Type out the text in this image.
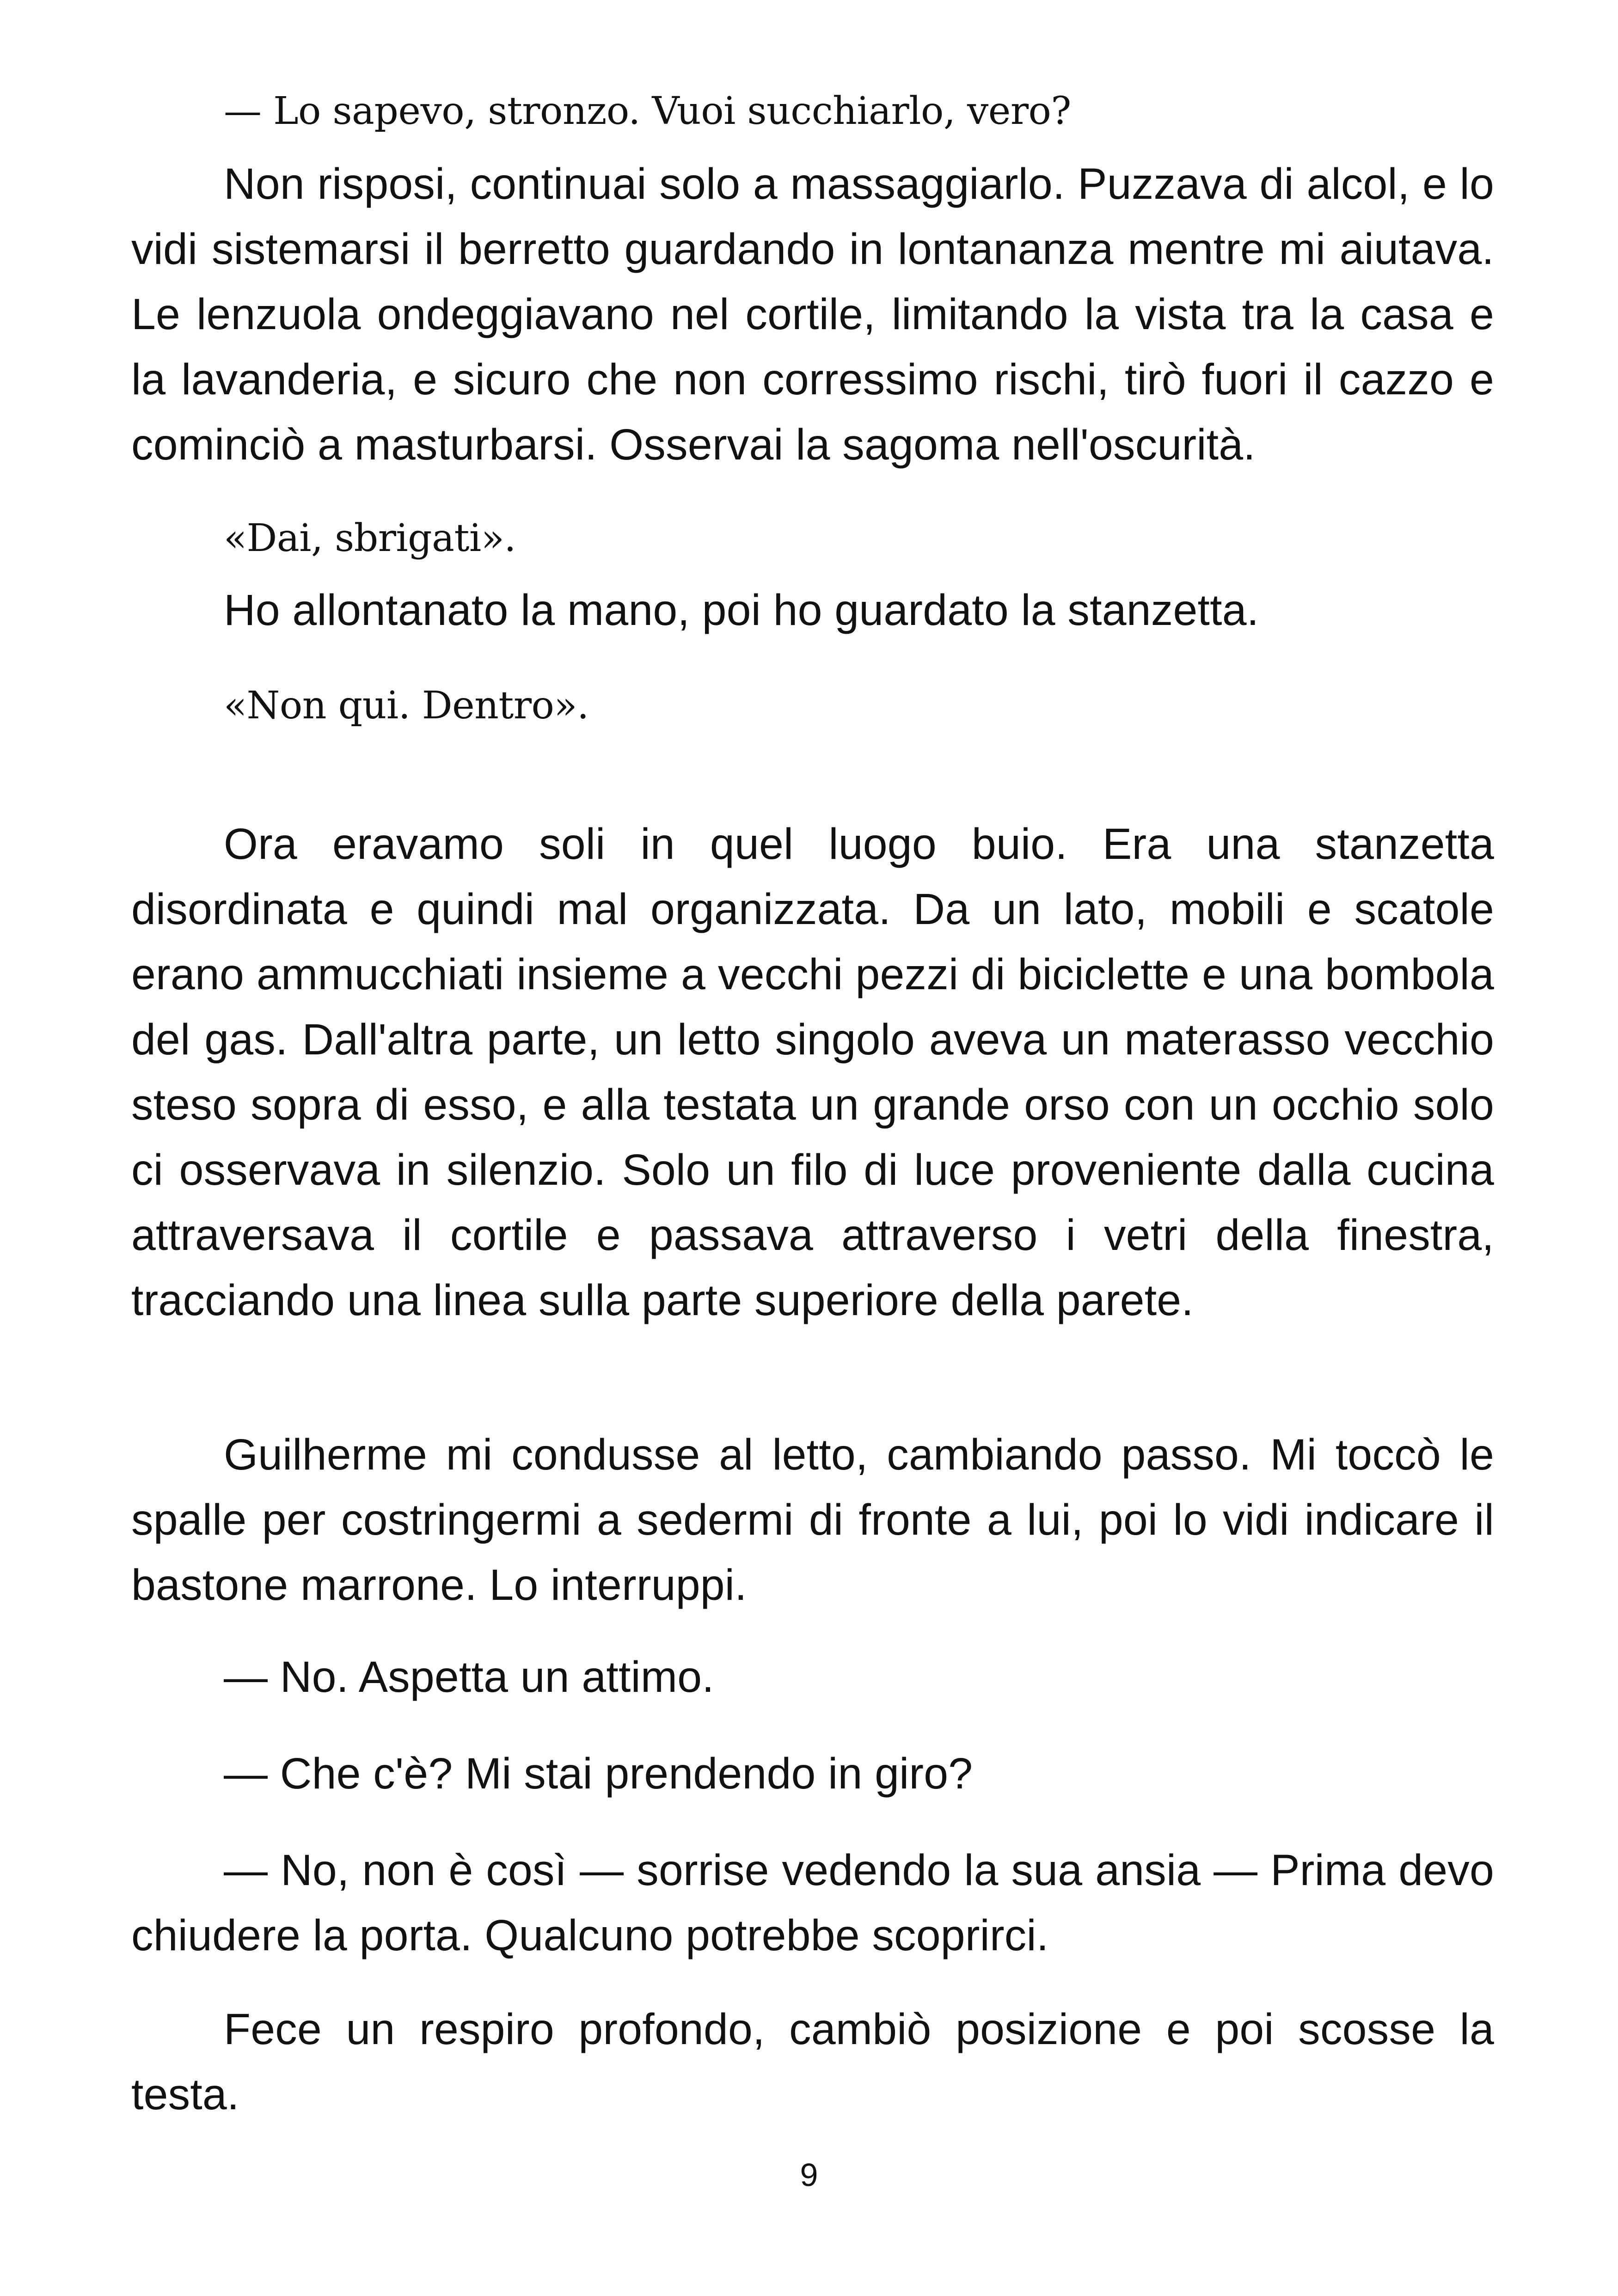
— Lo sapevo, stronzo. Vuoi succhiarlo, vero?

Non risposi, continuai solo a massaggiarlo. Puzzava di alcol, e lo vidi sistemarsi il berretto guardando in lontananza mentre mi aiutava. Le lenzuola ondeggiavano nel cortile, limitando la vista tra la casa e la lavanderia, e sicuro che non corressimo rischi, tirò fuori il cazzo e cominciò a masturbarsi. Osservai la sagoma nell'oscurità.

«Dai, sbrigati».

Ho allontanato la mano, poi ho guardato la stanzetta.

«Non qui. Dentro».

Ora eravamo soli in quel luogo buio. Era una stanzetta disordinata e quindi mal organizzata. Da un lato, mobili e scatole erano ammucchiati insieme a vecchi pezzi di biciclette e una bombola del gas. Dall'altra parte, un letto singolo aveva un materasso vecchio steso sopra di esso, e alla testata un grande orso con un occhio solo ci osservava in silenzio. Solo un filo di luce proveniente dalla cucina attraversava il cortile e passava attraverso i vetri della finestra, tracciando una linea sulla parte superiore della parete.

Guilherme mi condusse al letto, cambiando passo. Mi toccò le spalle per costringermi a sedermi di fronte a lui, poi lo vidi indicare il bastone marrone. Lo interruppi.

— No. Aspetta un attimo.

— Che c'è? Mi stai prendendo in giro?

— No, non è così — sorrise vedendo la sua ansia — Prima devo chiudere la porta. Qualcuno potrebbe scoprirci.

Fece un respiro profondo, cambiò posizione e poi scosse la testa.

9
